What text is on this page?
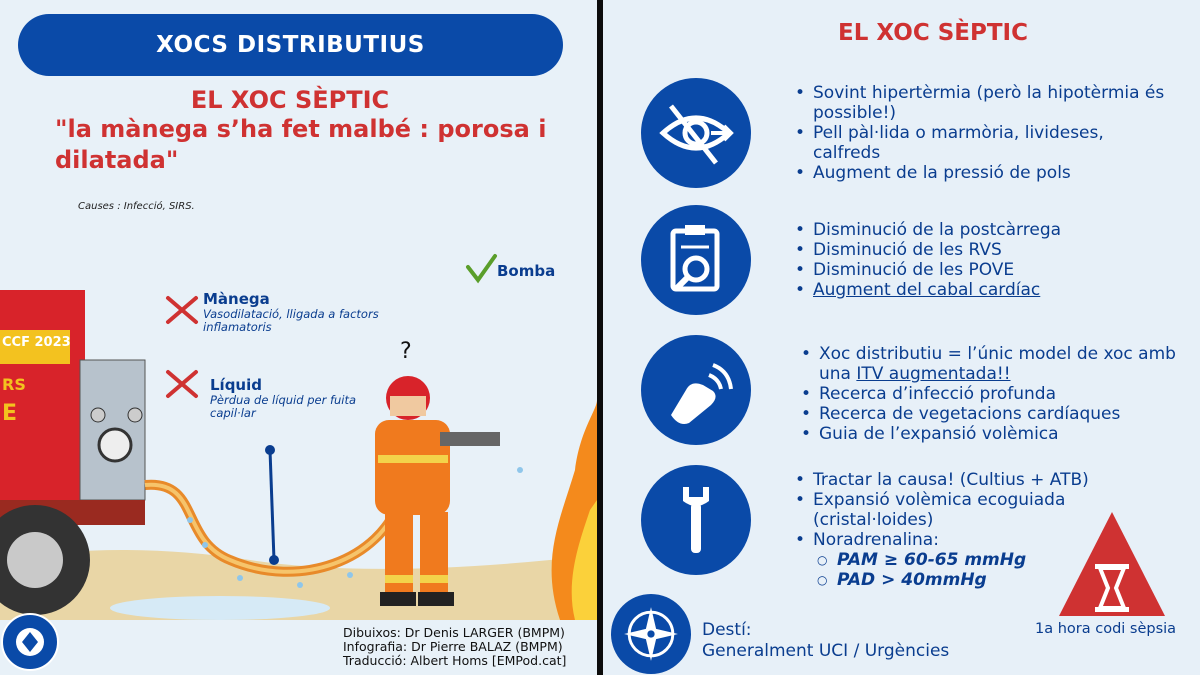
XOCS DISTRIBUTIUS
EL XOC SÈPTIC
"la mànega s’ha fet malbé : porosa i dilatada"
Causes : Infecció, SIRS.
CCF 2023
RS
E
?
Bomba
Mànega
Vasodilatació, lligada a factors inflamatoris
Líquid
Pèrdua de líquid per fuita capil·lar
Dibuixos: Dr Denis LARGER (BMPM)
Infografia: Dr Pierre BALAZ (BMPM)
Traducció: Albert Homs [EMPod.cat]
EL XOC SÈPTIC
• Sovint hipertèrmia (però la hipotèrmia és possible!)
• Pell pàl·lida o marmòria, livideses, calfreds
• Augment de la pressió de pols
• Disminució de la postcàrrega
• Disminució de les RVS
• Disminució de les POVE
• Augment del cabal cardíac
• Xoc distributiu = l’únic model de xoc amb una ITV augmentada!!
• Recerca d’infecció profunda
• Recerca de vegetacions cardíaques
• Guia de l’expansió volèmica
• Tractar la causa! (Cultius + ATB)
• Expansió volèmica ecoguiada (cristal·loides)
• Noradrenalina:
○ PAM ≥ 60-65 mmHg
○ PAD > 40mmHg
1a hora codi sèpsia
Destí:
Generalment UCI / Urgències
